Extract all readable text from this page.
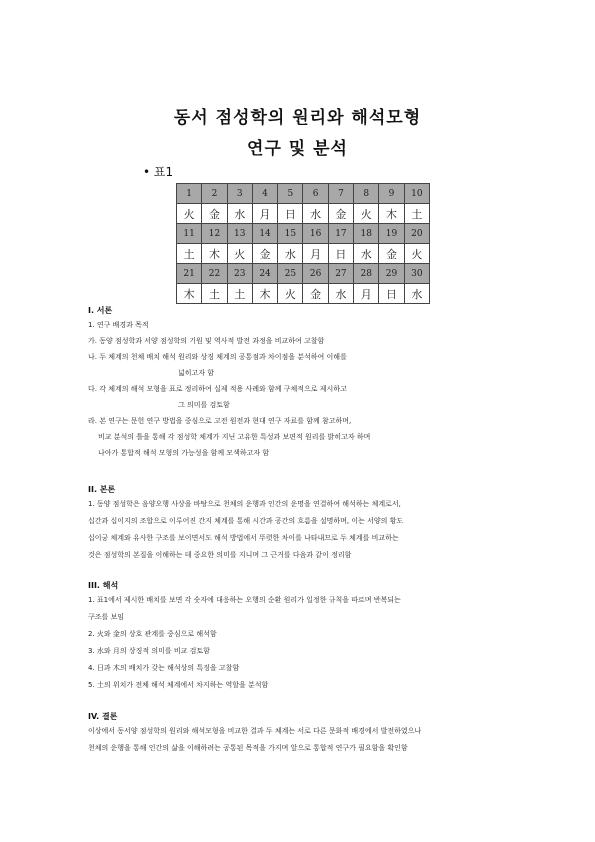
동서 점성학의 원리와 해석모형
연구 및 분석
• 표1
1	2	3	4	5	6	7	8	9	10
火	金	水	月	日	水	金	火	木	土
11	12	13	14	15	16	17	18	19	20
土	木	火	金	水	月	日	水	金	火
21	22	23	24	25	26	27	28	29	30
木	土	土	木	火	金	水	月	日	水
I. 서론
1. 연구 배경과 목적
가. 동양 점성학과 서양 점성학의 기원 및 역사적 발전 과정을 비교하여 고찰함
나. 두 체계의 천체 배치 해석 원리와 상징 체계의 공통점과 차이점을 분석하여 이해를
넓히고자 함
다. 각 체계의 해석 모형을 표로 정리하여 실제 적용 사례와 함께 구체적으로 제시하고
그 의미를 검토함
라. 본 연구는 문헌 연구 방법을 중심으로 고전 원전과 현대 연구 자료를 함께 참고하며,
비교 분석의 틀을 통해 각 점성학 체계가 지닌 고유한 특성과 보편적 원리를 밝히고자 하며
나아가 통합적 해석 모형의 가능성을 함께 모색하고자 함
II. 본론
1. 동양 점성학은 음양오행 사상을 바탕으로 천체의 운행과 인간의 운명을 연결하여 해석하는 체계로서,
십간과 십이지의 조합으로 이루어진 간지 체계를 통해 시간과 공간의 흐름을 설명하며, 이는 서양의 황도
십이궁 체계와 유사한 구조를 보이면서도 해석 방법에서 뚜렷한 차이를 나타내므로 두 체계를 비교하는
것은 점성학의 본질을 이해하는 데 중요한 의미를 지니며 그 근거를 다음과 같이 정리함
III. 해석
1. 표1에서 제시한 배치를 보면 각 숫자에 대응하는 오행의 순환 원리가 일정한 규칙을 따르며 반복되는
구조를 보임
2. 火와 金의 상호 관계를 중심으로 해석함
3. 水와 月의 상징적 의미를 비교 검토함
4. 日과 木의 배치가 갖는 해석상의 특징을 고찰함
5. 土의 위치가 전체 해석 체계에서 차지하는 역할을 분석함
IV. 결론
이상에서 동서양 점성학의 원리와 해석모형을 비교한 결과 두 체계는 서로 다른 문화적 배경에서 발전하였으나
천체의 운행을 통해 인간의 삶을 이해하려는 공통된 목적을 가지며 앞으로 통합적 연구가 필요함을 확인함
